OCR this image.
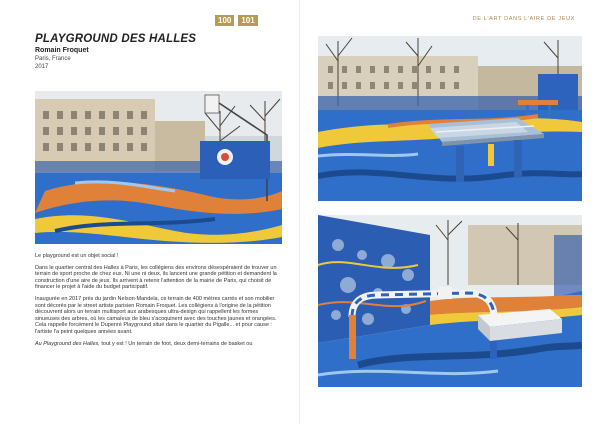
100	101	DE L'ART DANS L'AIRE DE JEUX
PLAYGROUND DES HALLES
Romain Froquet
Paris, France
2017

Le playground est un objet social !

Dans le quartier central des Halles à Paris, les collégiens des environs désespéraient de trouver un terrain de sport proche de chez eux. Ni une ni deux, ils lancent une grande pétition et demandent la construction d'une aire de jeux. Ils arrivent à retenir l'attention de la mairie de Paris, qui choisit de financer le projet à l'aide du budget participatif.

Inaugurée en 2017 près du jardin Nelson-Mandela, ce terrain de 400 mètres carrés et son mobilier sont décorés par le street artiste parisien Romain Froquet. Les collégiens à l'origine de la pétition découvrent alors un terrain multisport aux arabesques ultra-design qui rappellent les formes sinueuses des arbres, où les camaïeux de bleu s'acoquinent avec des touches jaunes et orangées. Cela rappelle forcément le Dupenré Playground situé dans le quartier du Pigalle... et pour cause : l'artiste l'a peint quelques années avant.

Au Playground des Halles, tout y est ! Un terrain de foot, deux demi-terrains de basket ou
